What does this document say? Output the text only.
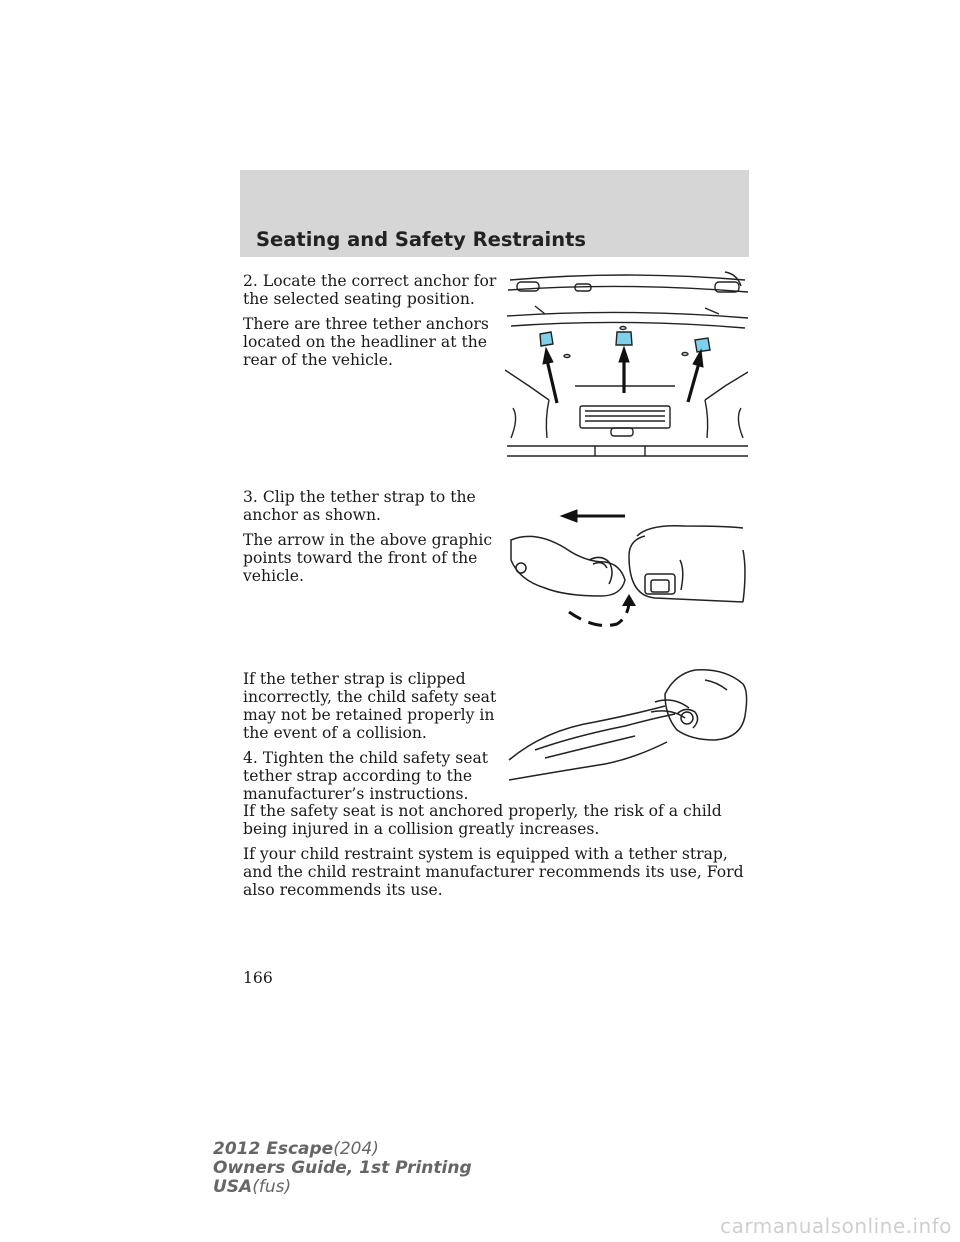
Seating and Safety Restraints

2. Locate the correct anchor for the selected seating position.

There are three tether anchors located on the headliner at the rear of the vehicle.

3. Clip the tether strap to the anchor as shown.

The arrow in the above graphic points toward the front of the vehicle.

If the tether strap is clipped incorrectly, the child safety seat may not be retained properly in the event of a collision.

4. Tighten the child safety seat tether strap according to the manufacturer’s instructions.

If the safety seat is not anchored properly, the risk of a child being injured in a collision greatly increases.

If your child restraint system is equipped with a tether strap, and the child restraint manufacturer recommends its use, Ford also recommends its use.

166
2012 Escape(204)
Owners Guide, 1st Printing
USA(fus)
carmanualsonline.info
